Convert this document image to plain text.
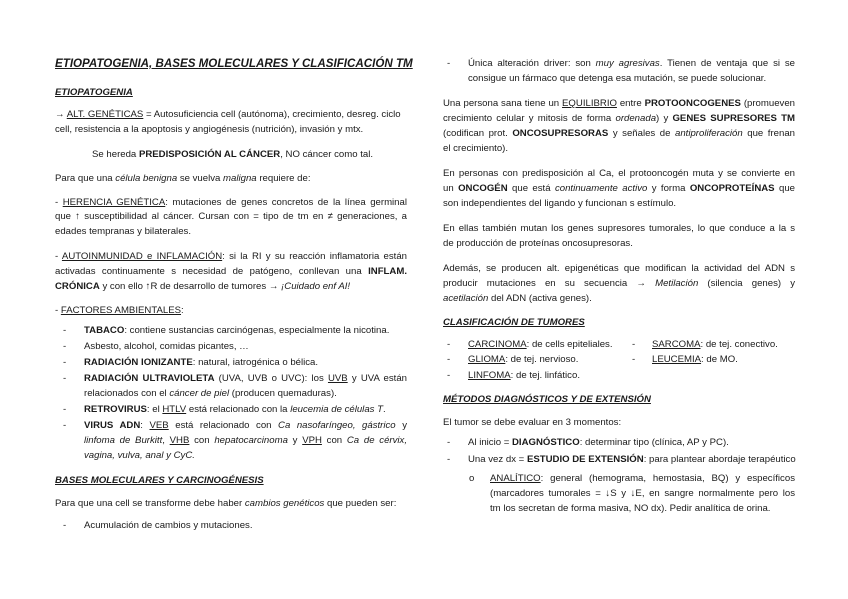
ETIOPATOGENIA, BASES MOLECULARES Y CLASIFICACIÓN TM
ETIOPATOGENIA
→ ALT. GENÉTICAS = Autosuficiencia cell (autónoma), crecimiento, desreg. ciclo
cell, resistencia a la apoptosis y angiogénesis (nutrición), invasión y mtx.
Se hereda PREDISPOSICIÓN AL CÁNCER, NO cáncer como tal.
Para que una célula benigna se vuelva maligna requiere de:
- HERENCIA GENÉTICA: mutaciones de genes concretos de la línea germinal
que ↑ susceptibilidad al cáncer. Cursan con = tipo de tm en ≠ generaciones, a
edades tempranas y bilaterales.
- AUTOINMUNIDAD e INFLAMACIÓN: si la RI y su reacción inflamatoria están
activadas continuamente s necesidad de patógeno, conllevan una INFLAM.
CRÓNICA y con ello ↑R de desarrollo de tumores → ¡Cuidado enf AI!
- FACTORES AMBIENTALES:
- TABACO: contiene sustancias carcinógenas, especialmente la nicotina.
- Asbesto, alcohol, comidas picantes, …
- RADIACIÓN IONIZANTE: natural, iatrogénica o bélica.
- RADIACIÓN ULTRAVIOLETA (UVA, UVB o UVC): los UVB y UVA están
relacionados con el cáncer de piel (producen quemaduras).
- RETROVIRUS: el HTLV está relacionado con la leucemia de células T.
- VIRUS ADN: VEB está relacionado con Ca nasofaríngeo, gástrico y
linfoma de Burkitt, VHB con hepatocarcinoma y VPH con Ca de cérvix,
vagina, vulva, anal y CyC.
BASES MOLECULARES Y CARCINOGÉNESIS
Para que una cell se transforme debe haber cambios genéticos que pueden ser:
- Acumulación de cambios y mutaciones.
- Única alteración driver: son muy agresivas. Tienen de ventaja que si se
consigue un fármaco que detenga esa mutación, se puede solucionar.
Una persona sana tiene un EQUILIBRIO entre PROTOONCOGENES (promueven
crecimiento celular y mitosis de forma ordenada) y GENES SUPRESORES TM
(codifican prot. ONCOSUPRESORAS y señales de antiproliferación que frenan
el crecimiento).
En personas con predisposición al Ca, el protooncogén muta y se convierte en
un ONCOGÉN que está continuamente activo y forma ONCOPROTEÍNAS que
son independientes del ligando y funcionan s estímulo.
En ellas también mutan los genes supresores tumorales, lo que conduce a la s
de producción de proteínas oncosupresoras.
Además, se producen alt. epigenéticas que modifican la actividad del ADN s
producir mutaciones en su secuencia → Metilación (silencia genes) y
acetilación del ADN (activa genes).
CLASIFICACIÓN DE TUMORES
- CARCINOMA: de cells epiteliales. - SARCOMA: de tej. conectivo.
- GLIOMA: de tej. nervioso.	- LEUCEMIA: de MO.
- LINFOMA: de tej. linfático.
MÉTODOS DIAGNÓSTICOS Y DE EXTENSIÓN
El tumor se debe evaluar en 3 momentos:
- Al inicio = DIAGNÓSTICO: determinar tipo (clínica, AP y PC).
- Una vez dx = ESTUDIO DE EXTENSIÓN: para plantear abordaje terapéutico
o ANALÍTICO: general (hemograma, hemostasia, BQ) y específicos
(marcadores tumorales = ↓S y ↓E, en sangre normalmente pero los
tm los secretan de forma masiva, NO dx). Pedir analítica de orina.
